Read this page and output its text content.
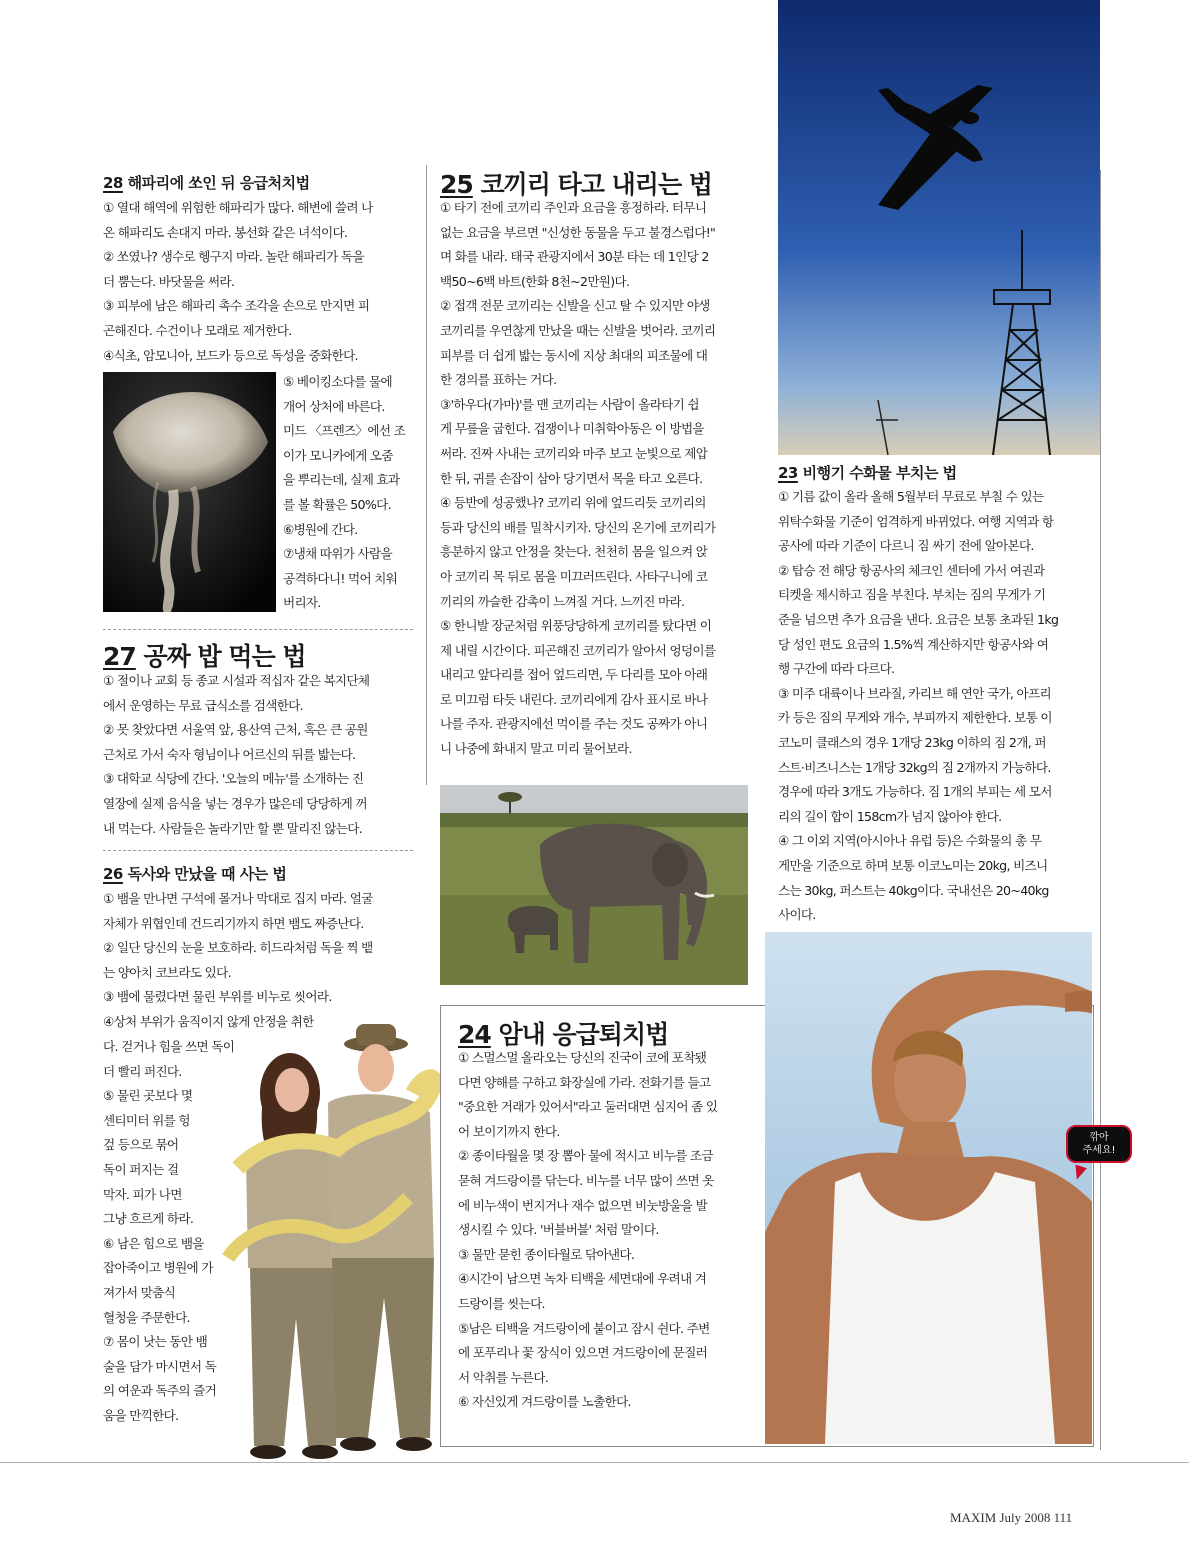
28 해파리에 쏘인 뒤 응급처치법

① 열대 해역에 위험한 해파리가 많다. 해변에 쓸려 나

온 해파리도 손대지 마라. 봉선화 같은 녀석이다.

② 쏘였나? 생수로 헹구지 마라. 놀란 해파리가 독을

더 뿜는다. 바닷물을 써라.

③ 피부에 남은 해파리 촉수 조각을 손으로 만지면 피

곤해진다. 수건이나 모래로 제거한다.

④식초, 암모니아, 보드카 등으로 독성을 중화한다.

⑤ 베이킹소다를 물에

개어 상처에 바른다.

미드 〈프렌즈〉에선 조

이가 모니카에게 오줌

을 뿌리는데, 실제 효과

를 볼 확률은 50%다.

⑥병원에 간다.

⑦냉채 따위가 사람을

공격하다니! 먹어 치워

버리자.

27 공짜 밥 먹는 법

① 절이나 교회 등 종교 시설과 적십자 같은 복지단체

에서 운영하는 무료 급식소를 검색한다.

② 못 찾았다면 서울역 앞, 용산역 근처, 혹은 큰 공원

근처로 가서 숙자 형님이나 어르신의 뒤를 밟는다.

③ 대학교 식당에 간다. '오늘의 메뉴'를 소개하는 진

열장에 실제 음식을 넣는 경우가 많은데 당당하게 꺼

내 먹는다. 사람들은 놀라기만 할 뿐 말리진 않는다.

26 독사와 만났을 때 사는 법

① 뱀을 만나면 구석에 몰거나 막대로 집지 마라. 얼굴

자체가 위협인데 건드리기까지 하면 뱀도 짜증난다.

② 일단 당신의 눈을 보호하라. 히드라처럼 독을 찍 뱉

는 양아치 코브라도 있다.

③ 뱀에 물렸다면 물린 부위를 비누로 씻어라.

④상처 부위가 움직이지 않게 안정을 취한

다. 걷거나 힘을 쓰면 독이

더 빨리 퍼진다.

⑤ 물린 곳보다 몇

센티미터 위를 헝

겊 등으로 묶어

독이 퍼지는 걸

막자. 피가 나면

그냥 흐르게 하라.

⑥ 남은 힘으로 뱀을

잡아죽이고 병원에 가

져가서 맞춤식

혈청을 주문한다.

⑦ 몸이 낫는 동안 뱀

술을 담가 마시면서 독

의 여운과 독주의 즐거

움을 만끽한다.

25 코끼리 타고 내리는 법

① 타기 전에 코끼리 주인과 요금을 흥정하라. 터무니

없는 요금을 부르면 "신성한 동물을 두고 불경스럽다!"

며 화를 내라. 태국 관광지에서 30분 타는 데 1인당 2

백50~6백 바트(한화 8천~2만원)다.

② 접객 전문 코끼리는 신발을 신고 탈 수 있지만 야생

코끼리를 우연찮게 만났을 때는 신발을 벗어라. 코끼리

피부를 더 쉽게 밟는 동시에 지상 최대의 피조물에 대

한 경의를 표하는 거다.

③'하우다(가마)'를 맨 코끼리는 사람이 올라타기 쉽

게 무릎을 굽힌다. 겁쟁이나 미취학아동은 이 방법을

써라. 진짜 사내는 코끼리와 마주 보고 눈빛으로 제압

한 뒤, 귀를 손잡이 삼아 당기면서 목을 타고 오른다.

④ 등반에 성공했나? 코끼리 위에 엎드리듯 코끼리의

등과 당신의 배를 밀착시키자. 당신의 온기에 코끼리가

흥분하지 않고 안정을 찾는다. 천천히 몸을 일으켜 앉

아 코끼리 목 뒤로 몸을 미끄러뜨린다. 사타구니에 코

끼리의 까슬한 감촉이 느껴질 거다. 느끼진 마라.

⑤ 한니발 장군처럼 위풍당당하게 코끼리를 탔다면 이

제 내릴 시간이다. 피곤해진 코끼리가 알아서 엉덩이를

내리고 앞다리를 접어 엎드리면, 두 다리를 모아 아래

로 미끄럼 타듯 내린다. 코끼리에게 감사 표시로 바나

나를 주자. 관광지에선 먹이를 주는 것도 공짜가 아니

니 나중에 화내지 말고 미리 물어보라.

24 암내 응급퇴치법

① 스멀스멀 올라오는 당신의 진국이 코에 포착됐

다면 양해를 구하고 화장실에 가라. 전화기를 들고

"중요한 거래가 있어서"라고 둘러대면 심지어 좀 있

어 보이기까지 한다.

② 종이타월을 몇 장 뽑아 물에 적시고 비누를 조금

묻혀 겨드랑이를 닦는다. 비누를 너무 많이 쓰면 옷

에 비누색이 번지거나 재수 없으면 비눗방울을 발

생시킬 수 있다. '버블버블' 처럼 말이다.

③ 물만 묻힌 종이타월로 닦아낸다.

④시간이 남으면 녹차 티백을 세면대에 우려내 겨

드랑이를 씻는다.

⑤남은 티백을 겨드랑이에 붙이고 잠시 쉰다. 주변

에 포푸리나 꽃 장식이 있으면 겨드랑이에 문질러

서 악취를 누른다.

⑥ 자신있게 겨드랑이를 노출한다.

깎아
주세요!
23 비행기 수화물 부치는 법

① 기름 값이 올라 올해 5월부터 무료로 부칠 수 있는

위탁수화물 기준이 엄격하게 바뀌었다. 여행 지역과 항

공사에 따라 기준이 다르니 짐 싸기 전에 알아본다.

② 탑승 전 해당 항공사의 체크인 센터에 가서 여권과

티켓을 제시하고 짐을 부친다. 부치는 짐의 무게가 기

준을 넘으면 추가 요금을 낸다. 요금은 보통 초과된 1kg

당 성인 편도 요금의 1.5%씩 계산하지만 항공사와 여

행 구간에 따라 다르다.

③ 미주 대륙이나 브라질, 카리브 해 연안 국가, 아프리

카 등은 짐의 무게와 개수, 부피까지 제한한다. 보통 이

코노미 클래스의 경우 1개당 23kg 이하의 짐 2개, 퍼

스트·비즈니스는 1개당 32kg의 짐 2개까지 가능하다.

경우에 따라 3개도 가능하다. 짐 1개의 부피는 세 모서

리의 길이 합이 158cm가 넘지 않아야 한다.

④ 그 이외 지역(아시아나 유럽 등)은 수화물의 총 무

게만을 기준으로 하며 보통 이코노미는 20kg, 비즈니

스는 30kg, 퍼스트는 40kg이다. 국내선은 20~40kg

사이다.

MAXIM July 2008 111
